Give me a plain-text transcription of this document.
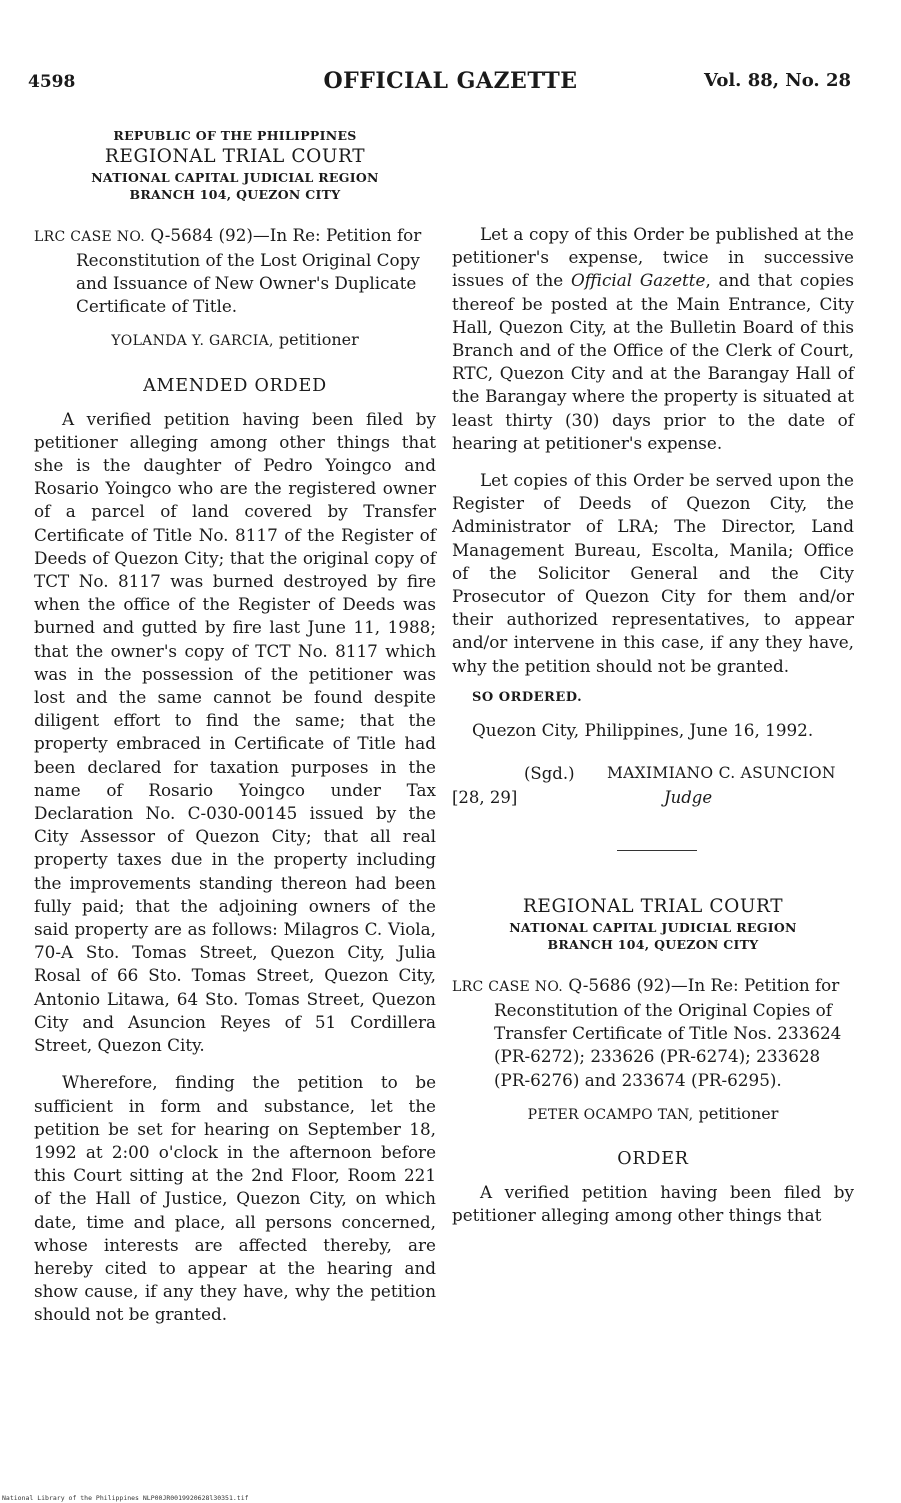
4598	OFFICIAL GAZETTE	Vol. 88, No. 28
REPUBLIC OF THE PHILIPPINES
REGIONAL TRIAL COURT
NATIONAL CAPITAL JUDICIAL REGION
BRANCH 104, QUEZON CITY

LRC CASE NO. Q-5684 (92)—In Re: Petition for Reconstitution of the Lost Original Copy and Issuance of New Owner's Duplicate Certificate of Title.

YOLANDA Y. GARCIA, petitioner

AMENDED ORDED

A verified petition having been filed by petitioner alleging among other things that she is the daughter of Pedro Yoingco and Rosario Yoingco who are the registered owner of a parcel of land covered by Transfer Certificate of Title No. 8117 of the Register of Deeds of Quezon City; that the original copy of TCT No. 8117 was burned destroyed by fire when the office of the Register of Deeds was burned and gutted by fire last June 11, 1988; that the owner's copy of TCT No. 8117 which was in the possession of the petitioner was lost and the same cannot be found despite diligent effort to find the same; that the property embraced in Certificate of Title had been declared for taxation purposes in the name of Rosario Yoingco under Tax Declaration No. C-030-00145 issued by the City Assessor of Quezon City; that all real property taxes due in the property including the improvements standing thereon had been fully paid; that the adjoining owners of the said property are as follows: Milagros C. Viola, 70-A Sto. Tomas Street, Quezon City, Julia Rosal of 66 Sto. Tomas Street, Quezon City, Antonio Litawa, 64 Sto. Tomas Street, Quezon City and Asuncion Reyes of 51 Cordillera Street, Quezon City.

Wherefore, finding the petition to be sufficient in form and substance, let the petition be set for hearing on September 18, 1992 at 2:00 o'clock in the afternoon before this Court sitting at the 2nd Floor, Room 221 of the Hall of Justice, Quezon City, on which date, time and place, all persons concerned, whose interests are affected thereby, are hereby cited to appear at the hearing and show cause, if any they have, why the petition should not be granted.

Let a copy of this Order be published at the petitioner's expense, twice in successive issues of the Official Gazette, and that copies thereof be posted at the Main Entrance, City Hall, Quezon City, at the Bulletin Board of this Branch and of the Office of the Clerk of Court, RTC, Quezon City and at the Barangay Hall of the Barangay where the property is situated at least thirty (30) days prior to the date of hearing at petitioner's expense.

Let copies of this Order be served upon the Register of Deeds of Quezon City, the Administrator of LRA; The Director, Land Management Bureau, Escolta, Manila; Office of the Solicitor General and the City Prosecutor of Quezon City for them and/or their authorized representatives, to appear and/or intervene in this case, if any they have, why the petition should not be granted.

SO ORDERED.

Quezon City, Philippines, June 16, 1992.

(Sgd.) MAXIMIANO C. ASUNCION
[28, 29]	Judge
REGIONAL TRIAL COURT
NATIONAL CAPITAL JUDICIAL REGION
BRANCH 104, QUEZON CITY

LRC CASE NO. Q-5686 (92)—In Re: Petition for Reconstitution of the Original Copies of Transfer Certificate of Title Nos. 233624 (PR-6272); 233626 (PR-6274); 233628 (PR-6276) and 233674 (PR-6295).

PETER OCAMPO TAN, petitioner

ORDER

A verified petition having been filed by petitioner alleging among other things that

National Library of the Philippines NLP00JR0019920628l30351.tif
